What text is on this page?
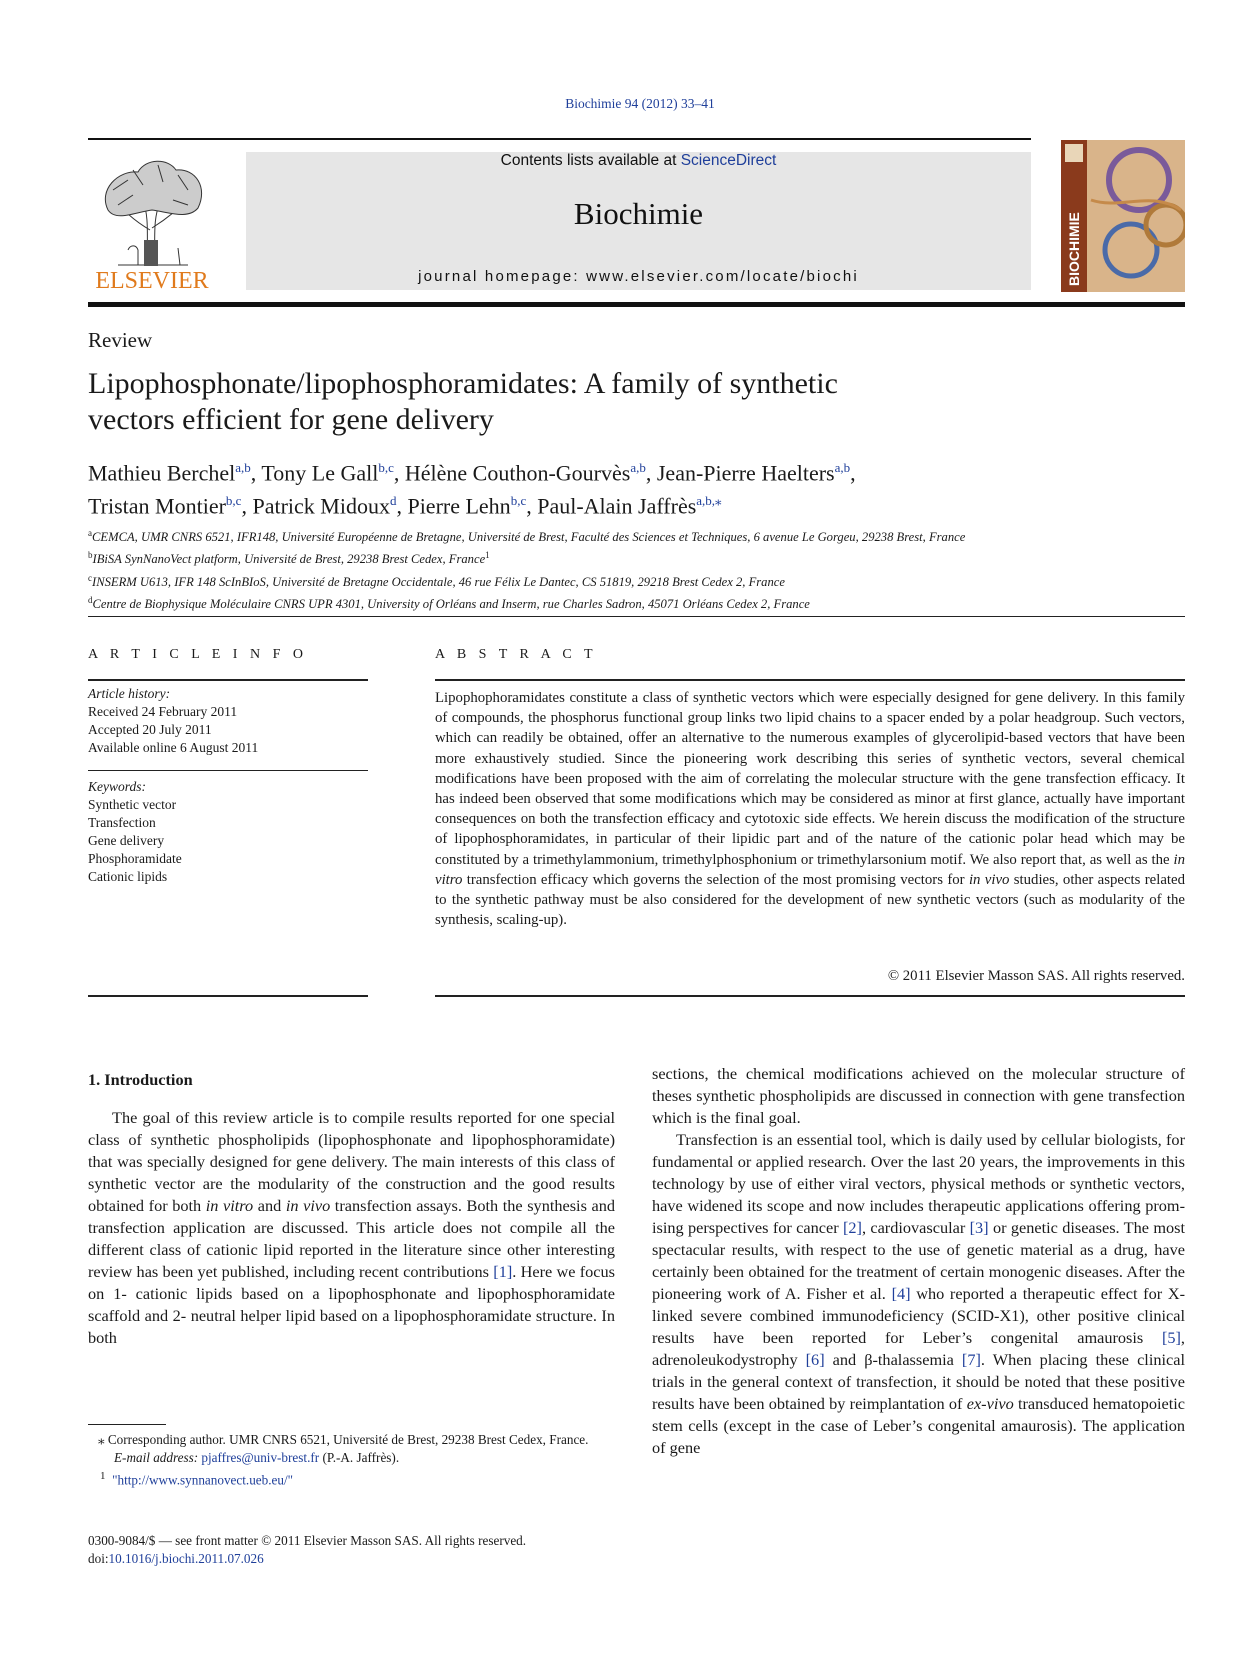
Biochimie 94 (2012) 33–41
ELSEVIER
Contents lists available at ScienceDirect
Biochimie
journal homepage: www.elsevier.com/locate/biochi	BIOCHIMIE
Review
Lipophosphonate/lipophosphoramidates: A family of synthetic
vectors efficient for gene delivery
Mathieu Berchel$^{a,b}$, Tony Le Gall$^{b,c}$, Hélène Couthon-Gourvès$^{a,b}$, Jean-Pierre Haelters$^{a,b}$,
Tristan Montier$^{b,c}$, Patrick Midoux$^d$, Pierre Lehn$^{b,c}$, Paul-Alain Jaffrès$^{a,b,⁎}$
$^a$CEMCA, UMR CNRS 6521, IFR148, Université Européenne de Bretagne, Université de Brest, Faculté des Sciences et Techniques, 6 avenue Le Gorgeu, 29238 Brest, France
$^b$IBiSA SynNanoVect platform, Université de Brest, 29238 Brest Cedex, France$^1$
$^c$INSERM U613, IFR 148 ScInBIoS, Université de Bretagne Occidentale, 46 rue Félix Le Dantec, CS 51819, 29218 Brest Cedex 2, France
$^d$Centre de Biophysique Moléculaire CNRS UPR 4301, University of Orléans and Inserm, rue Charles Sadron, 45071 Orléans Cedex 2, France
A R T I C L E I N F O
Article history:
Received 24 February 2011
Accepted 20 July 2011
Available online 6 August 2011
Keywords:
Synthetic vector
Transfection
Gene delivery
Phosphoramidate
Cationic lipids
A B S T R A C T
Lipophophoramidates constitute a class of synthetic vectors which were especially designed for gene delivery. In this family of compounds, the phosphorus functional group links two lipid chains to a spacer ended by a polar headgroup. Such vectors, which can readily be obtained, offer an alternative to the numerous examples of glycerolipid-based vectors that have been more exhaustively studied. Since the pioneering work describing this series of synthetic vectors, several chemical modifications have been proposed with the aim of correlating the molecular structure with the gene transfection efficacy. It has indeed been observed that some modifications which may be considered as minor at first glance, actually have important consequences on both the transfection efficacy and cytotoxic side effects. We herein discuss the modification of the structure of lipophosphoramidates, in particular of their lipidic part and of the nature of the cationic polar head which may be constituted by a trimethylammonium, trimethylphosphonium or trimethylarsonium motif. We also report that, as well as the in vitro transfection efficacy which governs the selection of the most promising vectors for in vivo studies, other aspects related to the synthetic pathway must be also considered for the development of new synthetic vectors (such as modularity of the synthesis, scaling-up).
© 2011 Elsevier Masson SAS. All rights reserved.
1. Introduction

The goal of this review article is to compile results reported for one special class of synthetic phospholipids (lipophosphonate and lipophosphoramidate) that was specially designed for gene delivery. The main interests of this class of synthetic vector are the modularity of the construction and the good results obtained for both in vitro and in vivo transfection assays. Both the synthesis and transfection application are discussed. This article does not compile all the different class of cationic lipid reported in the literature since other interesting review has been yet published, including recent contributions [1]. Here we focus on 1- cationic lipids based on a lipophosphonate and lipophosphoramidate scaffold and 2- neutral helper lipid based on a lipophosphoramidate structure. In both

sections, the chemical modifications achieved on the molecular structure of theses synthetic phospholipids are discussed in connection with gene transfection which is the final goal.

Transfection is an essential tool, which is daily used by cellular biologists, for fundamental or applied research. Over the last 20 years, the improvements in this technology by use of either viral vectors, physical methods or synthetic vectors, have widened its scope and now includes therapeutic applications offering promising perspectives for cancer [2], cardiovascular [3] or genetic diseases. The most spectacular results, with respect to the use of genetic material as a drug, have certainly been obtained for the treatment of certain monogenic diseases. After the pioneering work of A. Fisher et al. [4] who reported a therapeutic effect for X-linked severe combined immunodeficiency (SCID-X1), other positive clinical results have been reported for Leber’s congenital amaurosis [5], adrenoleukodystrophy [6] and β-thalassemia [7]. When placing these clinical trials in the general context of transfection, it should be noted that these positive results have been obtained by reimplantation of ex-vivo transduced hematopoietic stem cells (except in the case of Leber’s congenital amaurosis). The application of gene

⁎ Corresponding author. UMR CNRS 6521, Université de Brest, 29238 Brest Cedex, France.
E-mail address: pjaffres@univ-brest.fr (P.-A. Jaffrès).
$^1$ "http://www.synnanovect.ueb.eu/"
0300-9084/$ — see front matter © 2011 Elsevier Masson SAS. All rights reserved.
doi:10.1016/j.biochi.2011.07.026
